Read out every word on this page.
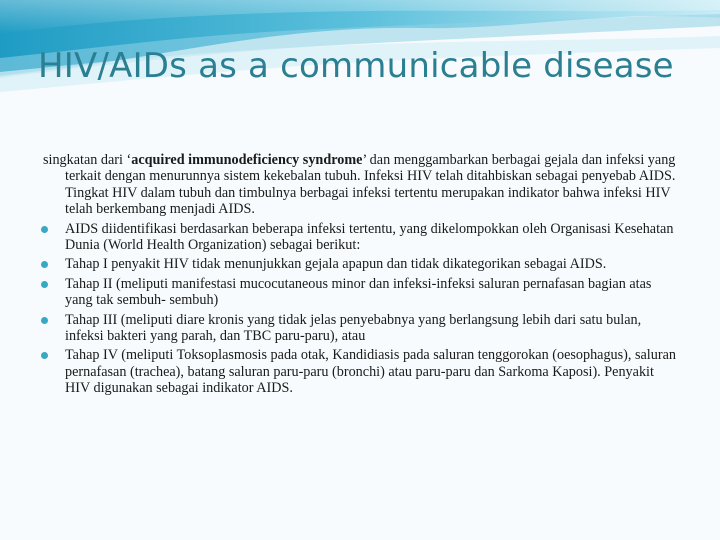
HIV/AIDs as a communicable disease

singkatan dari ‘acquired immunodeficiency syndrome’ dan menggambarkan berbagai gejala dan infeksi yang terkait dengan menurunnya sistem kekebalan tubuh. Infeksi HIV telah ditahbiskan sebagai penyebab AIDS. Tingkat HIV dalam tubuh dan timbulnya berbagai infeksi tertentu merupakan indikator bahwa infeksi HIV telah berkembang menjadi AIDS.

AIDS diidentifikasi berdasarkan beberapa infeksi tertentu, yang dikelompokkan oleh Organisasi Kesehatan Dunia (World Health Organization) sebagai berikut:
Tahap I penyakit HIV tidak menunjukkan gejala apapun dan tidak dikategorikan sebagai AIDS.
Tahap II (meliputi manifestasi mucocutaneous minor dan infeksi-infeksi saluran pernafasan bagian atas yang tak sembuh- sembuh)
Tahap III (meliputi diare kronis yang tidak jelas penyebabnya yang berlangsung lebih dari satu bulan, infeksi bakteri yang parah, dan TBC paru-paru), atau
Tahap IV (meliputi Toksoplasmosis pada otak, Kandidiasis pada saluran tenggorokan (oesophagus), saluran pernafasan (trachea), batang saluran paru-paru (bronchi) atau paru-paru dan Sarkoma Kaposi). Penyakit HIV digunakan sebagai indikator AIDS.
